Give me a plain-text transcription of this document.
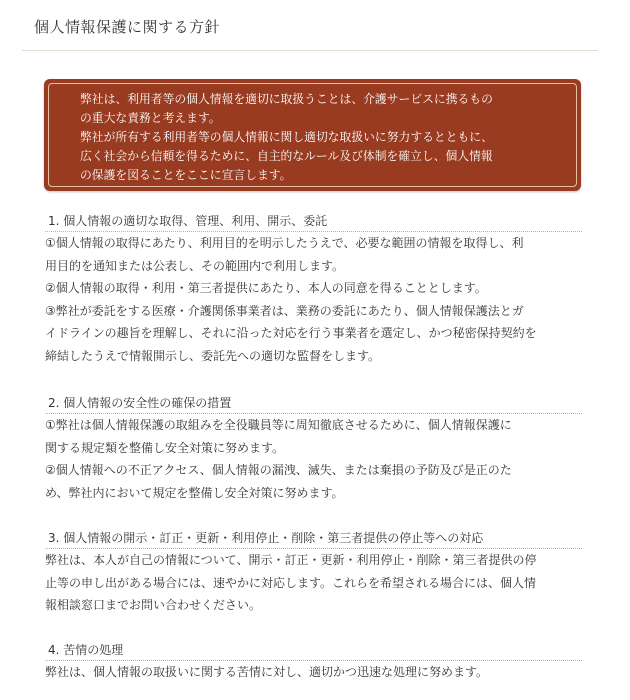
個人情報保護に関する方針
弊社は、利用者等の個人情報を適切に取扱うことは、介護サービスに携るもの
の重大な責務と考えます。
弊社が所有する利用者等の個人情報に関し適切な取扱いに努力するとともに、
広く社会から信頼を得るために、自主的なルール及び体制を確立し、個人情報
の保護を図ることをここに宣言します。
1. 個人情報の適切な取得、管理、利用、開示、委託
①個人情報の取得にあたり、利用目的を明示したうえで、必要な範囲の情報を取得し、利
用目的を通知または公表し、その範囲内で利用します。
②個人情報の取得・利用・第三者提供にあたり、本人の同意を得ることとします。
③弊社が委託をする医療・介護関係事業者は、業務の委託にあたり、個人情報保護法とガ
イドラインの趣旨を理解し、それに沿った対応を行う事業者を選定し、かつ秘密保持契約を
締結したうえで情報開示し、委託先への適切な監督をします。
2. 個人情報の安全性の確保の措置
①弊社は個人情報保護の取組みを全役職員等に周知徹底させるために、個人情報保護に
関する規定類を整備し安全対策に努めます。
②個人情報への不正アクセス、個人情報の漏洩、滅失、または棄損の予防及び是正のた
め、弊社内において規定を整備し安全対策に努めます。
3. 個人情報の開示・訂正・更新・利用停止・削除・第三者提供の停止等への対応
弊社は、本人が自己の情報について、開示・訂正・更新・利用停止・削除・第三者提供の停
止等の申し出がある場合には、速やかに対応します。これらを希望される場合には、個人情
報相談窓口までお問い合わせください。
4. 苦情の処理
弊社は、個人情報の取扱いに関する苦情に対し、適切かつ迅速な処理に努めます。
